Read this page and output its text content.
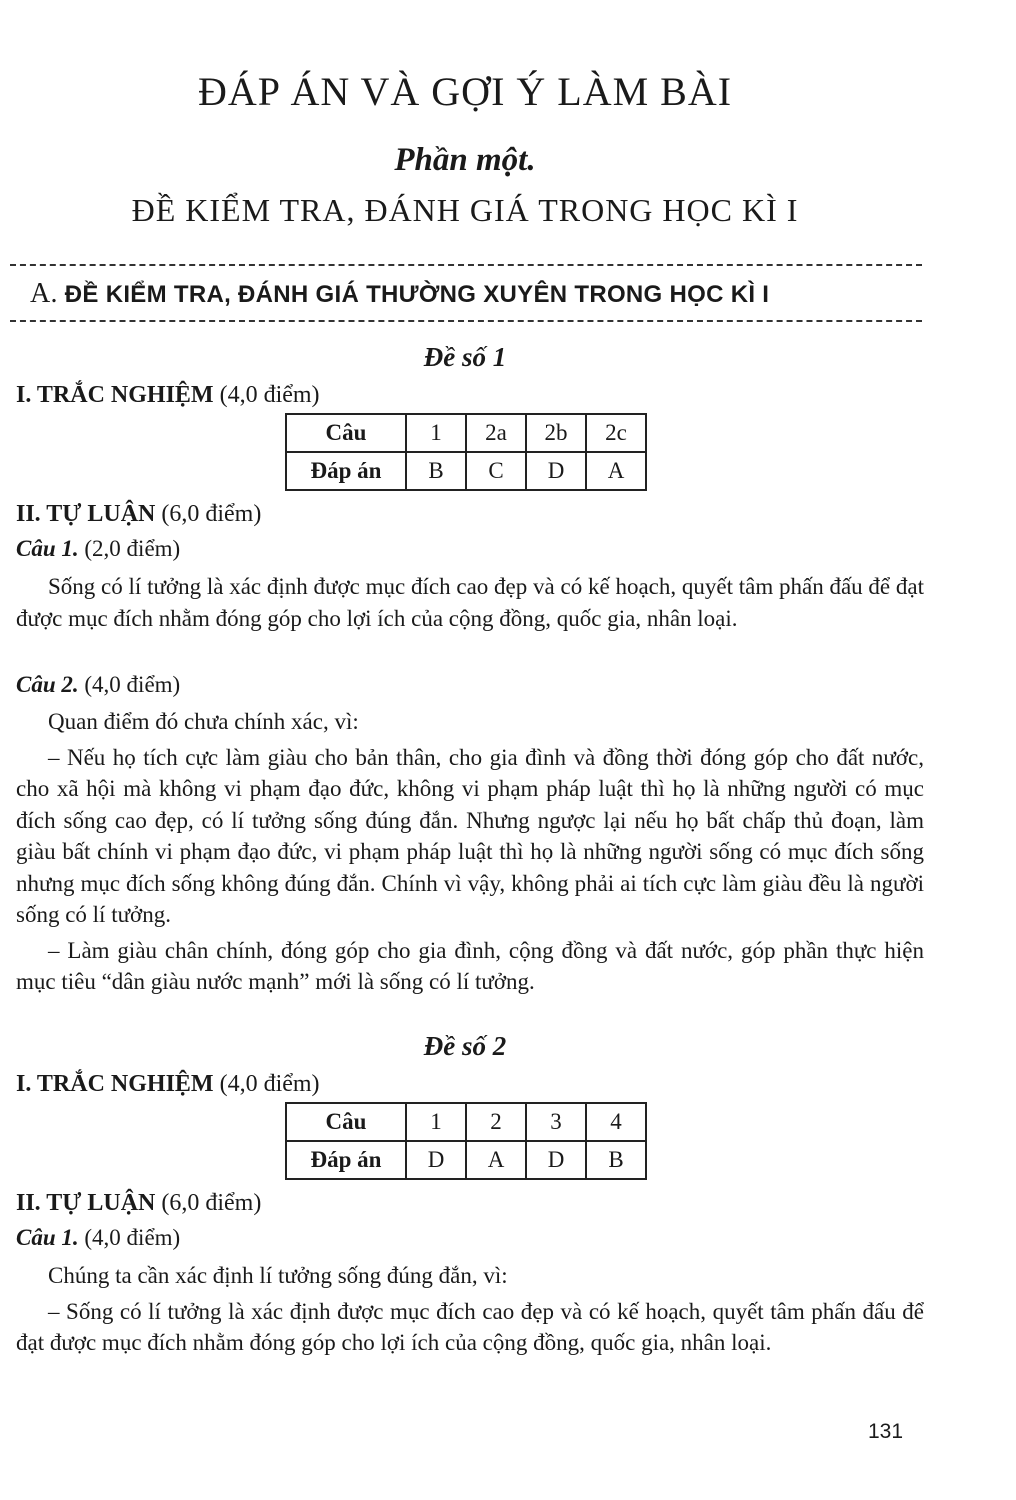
ĐÁP ÁN VÀ GỢI Ý LÀM BÀI
Phần một.
ĐỀ KIỂM TRA, ĐÁNH GIÁ TRONG HỌC KÌ I
A. ĐỀ KIỂM TRA, ĐÁNH GIÁ THƯỜNG XUYÊN TRONG HỌC KÌ I
Đề số 1
I. TRẮC NGHIỆM (4,0 điểm)
Câu	1	2a	2b	2c
Đáp án	B	C	D	A
II. TỰ LUẬN (6,0 điểm)
Câu 1. (2,0 điểm)

Sống có lí tưởng là xác định được mục đích cao đẹp và có kế hoạch, quyết tâm phấn đấu để đạt được mục đích nhằm đóng góp cho lợi ích của cộng đồng, quốc gia, nhân loại.

Câu 2. (4,0 điểm)

Quan điểm đó chưa chính xác, vì:

– Nếu họ tích cực làm giàu cho bản thân, cho gia đình và đồng thời đóng góp cho đất nước, cho xã hội mà không vi phạm đạo đức, không vi phạm pháp luật thì họ là những người có mục đích sống cao đẹp, có lí tưởng sống đúng đắn. Nhưng ngược lại nếu họ bất chấp thủ đoạn, làm giàu bất chính vi phạm đạo đức, vi phạm pháp luật thì họ là những người sống có mục đích sống nhưng mục đích sống không đúng đắn. Chính vì vậy, không phải ai tích cực làm giàu đều là người sống có lí tưởng.

– Làm giàu chân chính, đóng góp cho gia đình, cộng đồng và đất nước, góp phần thực hiện mục tiêu “dân giàu nước mạnh” mới là sống có lí tưởng.

Đề số 2
I. TRẮC NGHIỆM (4,0 điểm)
Câu	1	2	3	4
Đáp án	D	A	D	B
II. TỰ LUẬN (6,0 điểm)
Câu 1. (4,0 điểm)

Chúng ta cần xác định lí tưởng sống đúng đắn, vì:

– Sống có lí tưởng là xác định được mục đích cao đẹp và có kế hoạch, quyết tâm phấn đấu để đạt được mục đích nhằm đóng góp cho lợi ích của cộng đồng, quốc gia, nhân loại.

131
